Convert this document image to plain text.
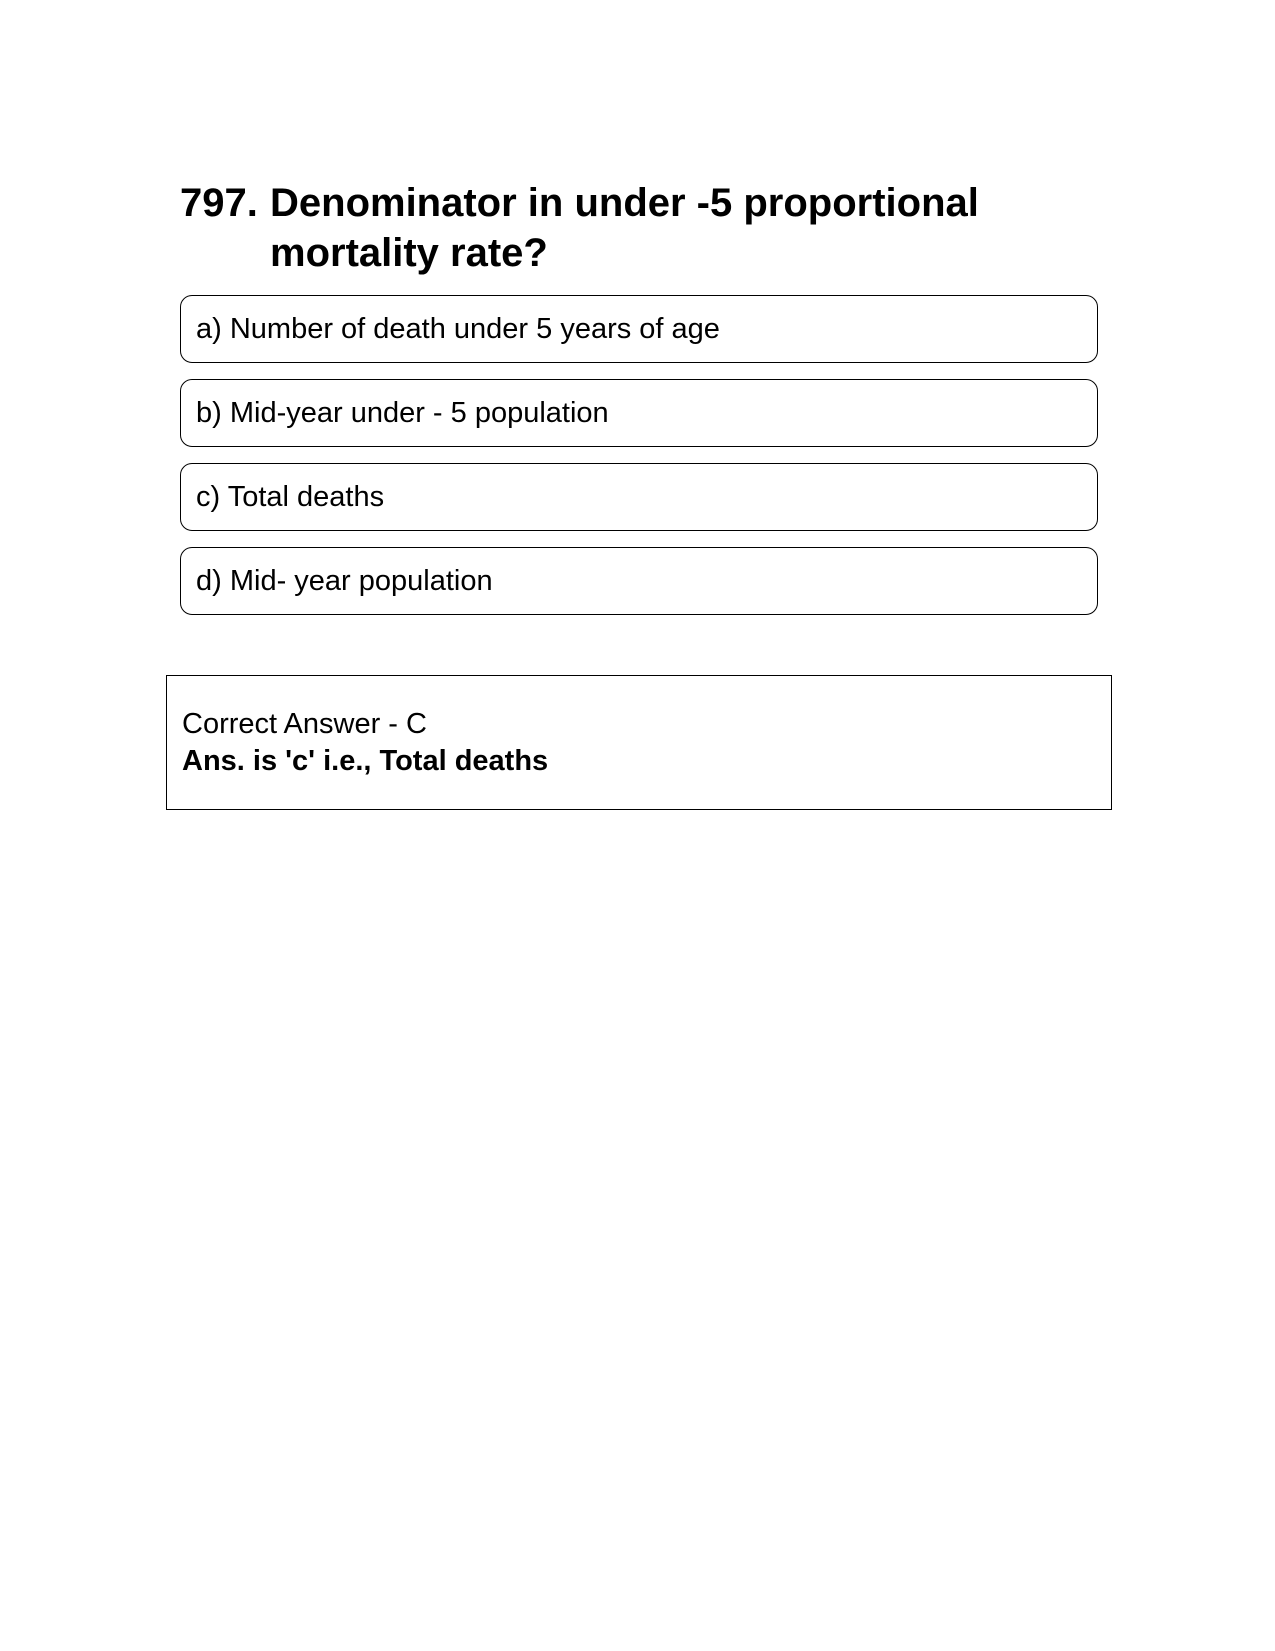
797. Denominator in under -5 proportional mortality rate?
a) Number of death under 5 years of age
b) Mid-year under - 5 population
c) Total deaths
d) Mid- year population
Correct Answer - C
Ans. is 'c' i.e., Total deaths
